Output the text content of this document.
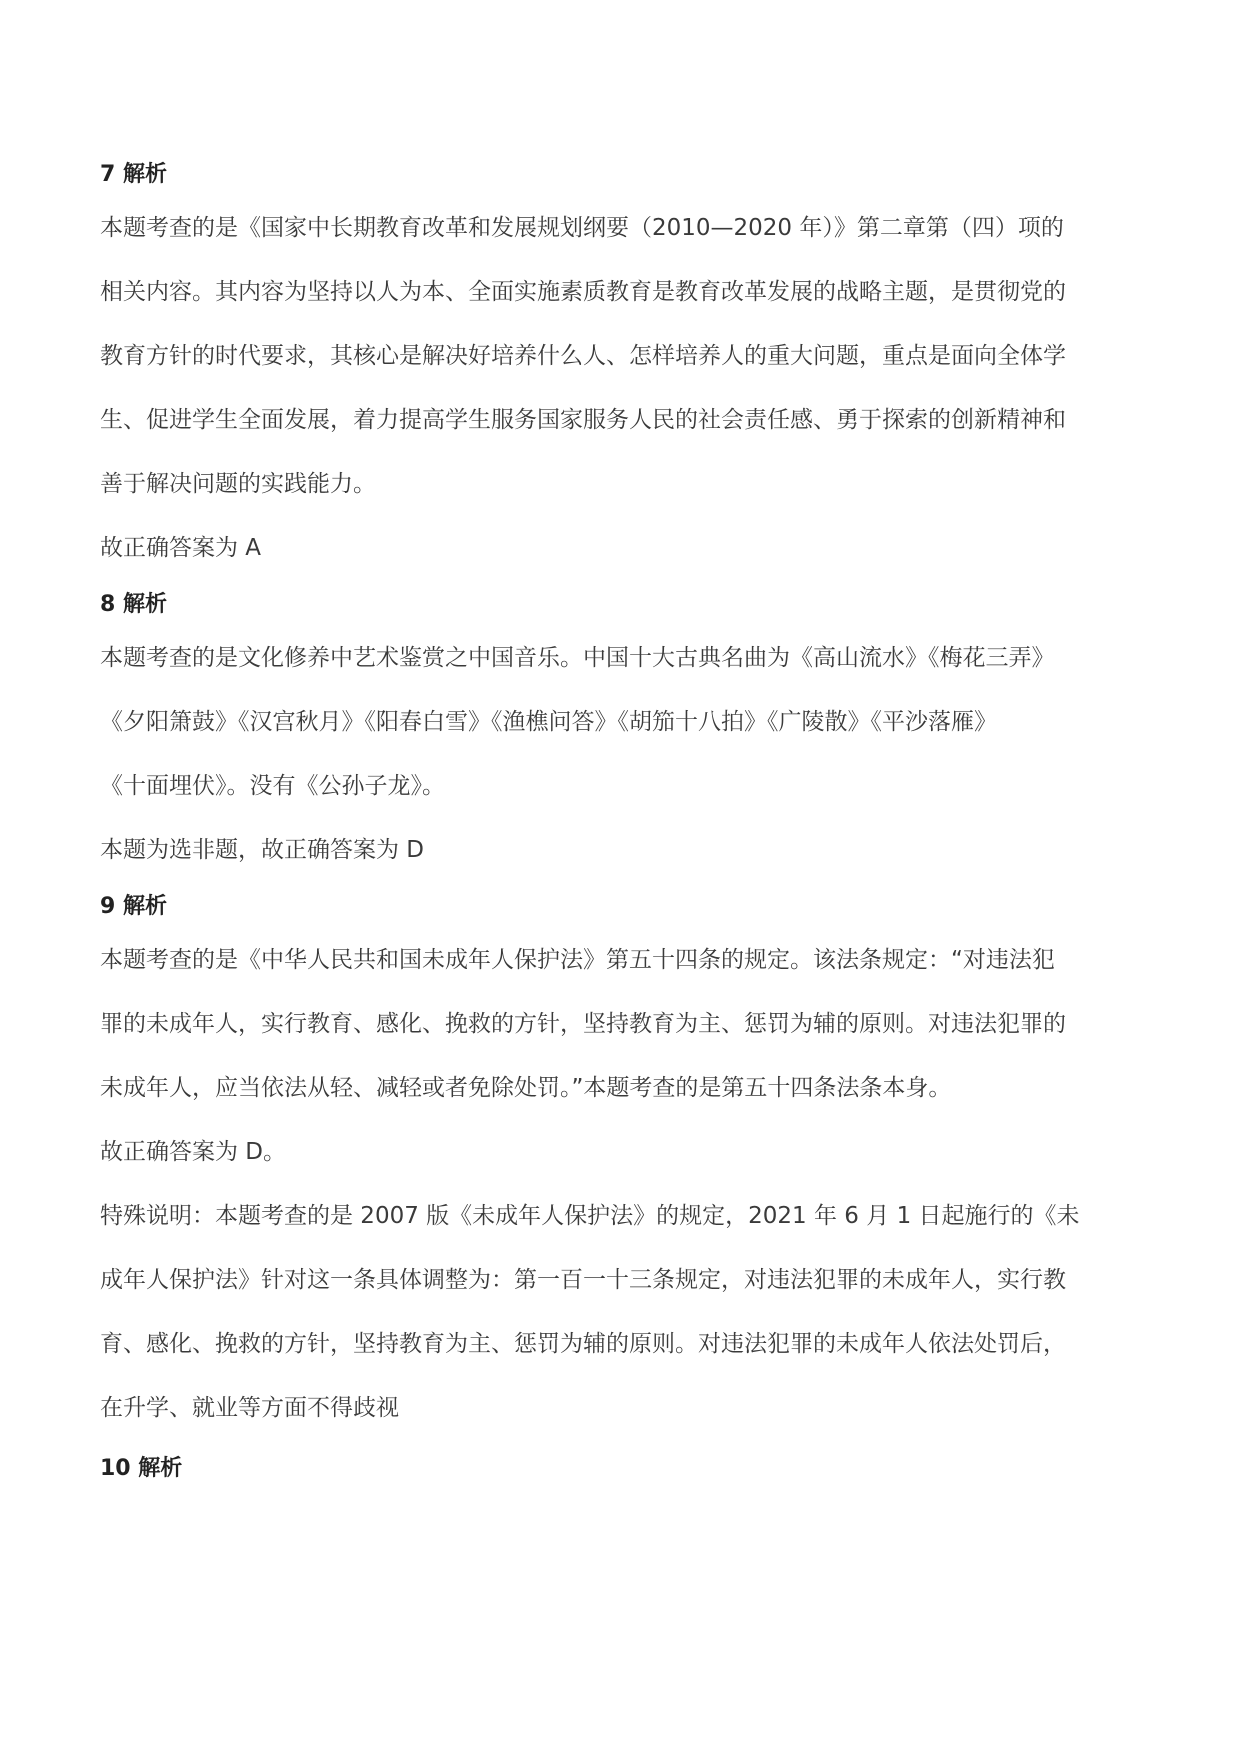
7 解析

本题考查的是《国家中长期教育改革和发展规划纲要（2010—2020 年）》第二章第（四）项的
相关内容。其内容为坚持以人为本、全面实施素质教育是教育改革发展的战略主题，是贯彻党的
教育方针的时代要求，其核心是解决好培养什么人、怎样培养人的重大问题，重点是面向全体学
生、促进学生全面发展，着力提高学生服务国家服务人民的社会责任感、勇于探索的创新精神和
善于解决问题的实践能力。

故正确答案为 A

8 解析

本题考查的是文化修养中艺术鉴赏之中国音乐。中国十大古典名曲为《高山流水》《梅花三弄》
《夕阳箫鼓》《汉宫秋月》《阳春白雪》《渔樵问答》《胡笳十八拍》《广陵散》《平沙落雁》
《十面埋伏》。没有《公孙子龙》。

本题为选非题，故正确答案为 D

9 解析

本题考查的是《中华人民共和国未成年人保护法》第五十四条的规定。该法条规定：“对违法犯
罪的未成年人，实行教育、感化、挽救的方针，坚持教育为主、惩罚为辅的原则。对违法犯罪的
未成年人，应当依法从轻、减轻或者免除处罚。”本题考查的是第五十四条法条本身。

故正确答案为 D。

特殊说明：本题考查的是 2007 版《未成年人保护法》的规定，2021 年 6 月 1 日起施行的《未
成年人保护法》针对这一条具体调整为：第一百一十三条规定，对违法犯罪的未成年人，实行教
育、感化、挽救的方针，坚持教育为主、惩罚为辅的原则。对违法犯罪的未成年人依法处罚后，
在升学、就业等方面不得歧视

10 解析
